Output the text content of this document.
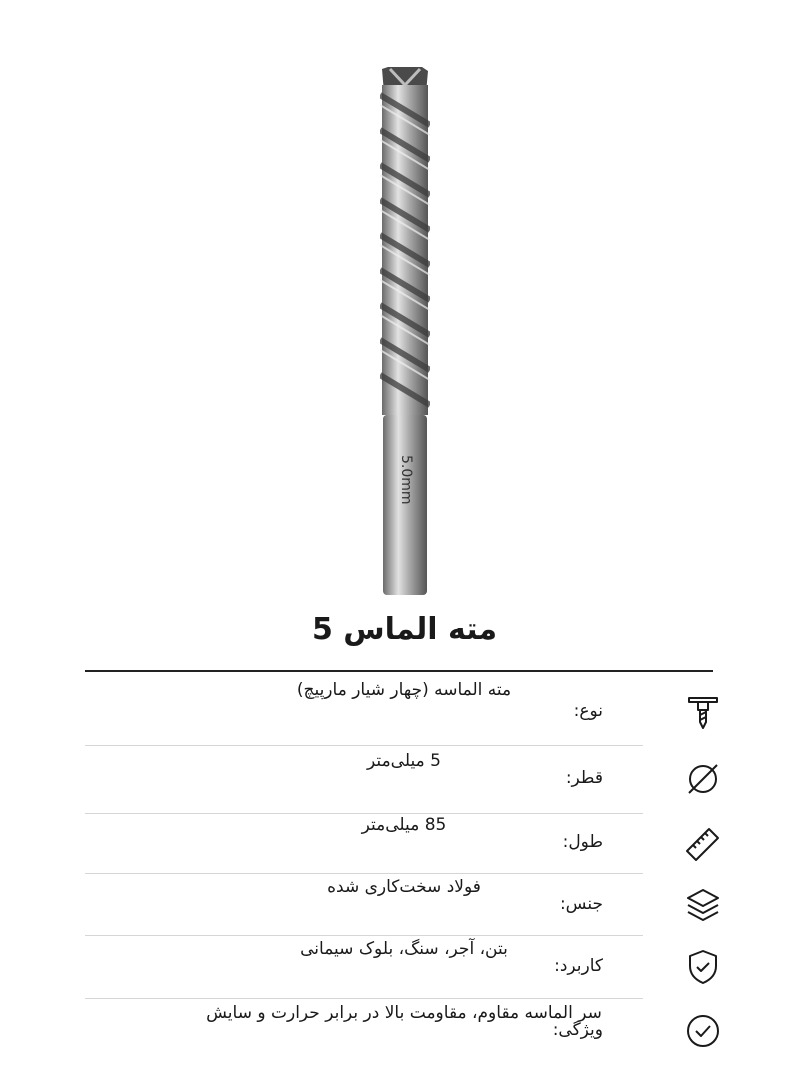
5.0mm
مته الماس 5
نوع:
مته الماسه (چهار شیار مارپیچ)
قطر:
5 میلی‌متر
طول:
85 میلی‌متر
جنس:
فولاد سخت‌کاری شده
کاربرد:
بتن، آجر، سنگ، بلوک سیمانی
ویژگی:
سر الماسه مقاوم، مقاومت بالا در برابر حرارت و سایش
